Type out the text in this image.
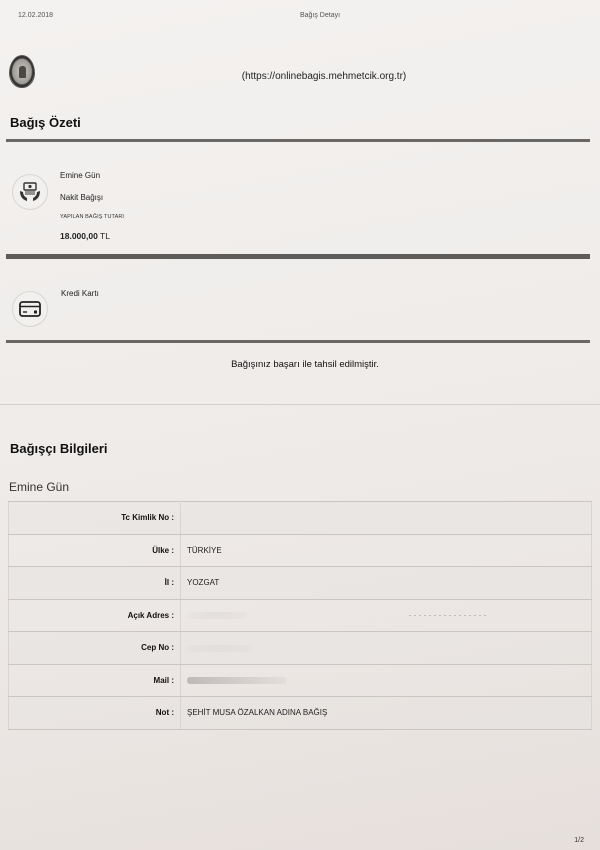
12.02.2018	Bağış Detayı
(https://onlinebagis.mehmetcik.org.tr)
Bağış Özeti
Emine Gün
Nakit Bağışı
YAPILAN BAĞIŞ TUTARI
18.000,00 TL
Kredi Kartı
Bağışınız başarı ile tahsil edilmiştir.
Bağışçı Bilgileri
Emine Gün
Tc Kimlik No :	
Ülke :	TÜRKİYE
İl :	YOZGAT
Açık Adres :	
Cep No :	
Mail :	
Not :	ŞEHİT MUSA ÖZALKAN ADINA BAĞIŞ
1/2
